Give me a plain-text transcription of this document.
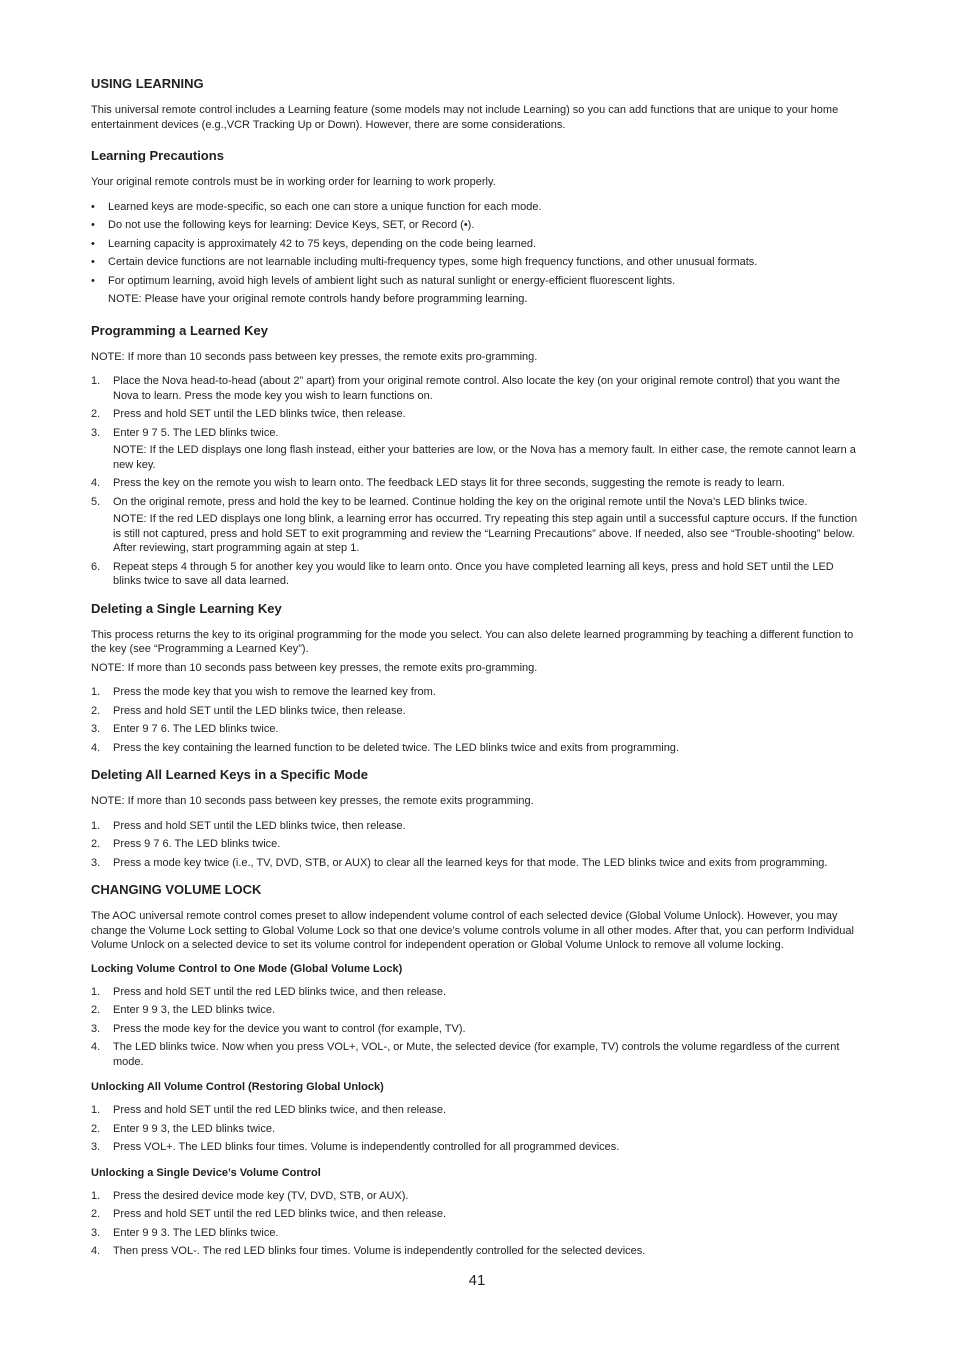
USING LEARNING
This universal remote control includes a Learning feature (some models may not include Learning) so you can add functions that are unique to your home entertainment devices (e.g.,VCR Tracking Up or Down). However, there are some considerations.
Learning Precautions
Your original remote controls must be in working order for learning to work properly.
• Learned keys are mode-specific, so each one can store a unique function for each mode.
• Do not use the following keys for learning: Device Keys, SET, or Record (•).
• Learning capacity is approximately 42 to 75 keys, depending on the code being learned.
• Certain device functions are not learnable including multi-frequency types, some high frequency functions, and other unusual formats.
• For optimum learning, avoid high levels of ambient light such as natural sunlight or energy-efficient fluorescent lights.
NOTE: Please have your original remote controls handy before programming learning.
Programming a Learned Key
NOTE: If more than 10 seconds pass between key presses, the remote exits pro-gramming.
1. Place the Nova head-to-head (about 2” apart) from your original remote control. Also locate the key (on your original remote control) that you want the Nova to learn. Press the mode key you wish to learn functions on.
2. Press and hold SET until the LED blinks twice, then release.
3. Enter 9 7 5. The LED blinks twice.
NOTE: If the LED displays one long flash instead, either your batteries are low, or the Nova has a memory fault. In either case, the remote cannot learn a new key.
4. Press the key on the remote you wish to learn onto. The feedback LED stays lit for three seconds, suggesting the remote is ready to learn.
5. On the original remote, press and hold the key to be learned. Continue holding the key on the original remote until the Nova’s LED blinks twice.
NOTE: If the red LED displays one long blink, a learning error has occurred. Try repeating this step again until a successful capture occurs. If the function is still not captured, press and hold SET to exit programming and review the “Learning Precautions” above. If needed, also see “Trouble-shooting” below. After reviewing, start programming again at step 1.
6. Repeat steps 4 through 5 for another key you would like to learn onto. Once you have completed learning all keys, press and hold SET until the LED blinks twice to save all data learned.
Deleting a Single Learning Key
This process returns the key to its original programming for the mode you select. You can also delete learned programming by teaching a different function to the key (see “Programming a Learned Key”).
NOTE: If more than 10 seconds pass between key presses, the remote exits pro-gramming.
1. Press the mode key that you wish to remove the learned key from.
2. Press and hold SET until the LED blinks twice, then release.
3. Enter 9 7 6. The LED blinks twice.
4. Press the key containing the learned function to be deleted twice. The LED blinks twice and exits from programming.
Deleting All Learned Keys in a Specific Mode
NOTE: If more than 10 seconds pass between key presses, the remote exits programming.
1. Press and hold SET until the LED blinks twice, then release.
2. Press 9 7 6. The LED blinks twice.
3. Press a mode key twice (i.e., TV, DVD, STB, or AUX) to clear all the learned keys for that mode. The LED blinks twice and exits from programming.
CHANGING VOLUME LOCK
The AOC universal remote control comes preset to allow independent volume control of each selected device (Global Volume Unlock). However, you may change the Volume Lock setting to Global Volume Lock so that one device’s volume controls volume in all other modes. After that, you can perform Individual Volume Unlock on a selected device to set its volume control for independent operation or Global Volume Unlock to remove all volume locking.
Locking Volume Control to One Mode (Global Volume Lock)
1. Press and hold SET until the red LED blinks twice, and then release.
2. Enter 9 9 3, the LED blinks twice.
3. Press the mode key for the device you want to control (for example, TV).
4. The LED blinks twice. Now when you press VOL+, VOL-, or Mute, the selected device (for example, TV) controls the volume regardless of the current mode.
Unlocking All Volume Control (Restoring Global Unlock)
1. Press and hold SET until the red LED blinks twice, and then release.
2. Enter 9 9 3, the LED blinks twice.
3. Press VOL+. The LED blinks four times. Volume is independently controlled for all programmed devices.
Unlocking a Single Device’s Volume Control
1. Press the desired device mode key (TV, DVD, STB, or AUX).
2. Press and hold SET until the red LED blinks twice, and then release.
3. Enter 9 9 3. The LED blinks twice.
4. Then press VOL-. The red LED blinks four times. Volume is independently controlled for the selected devices.
41
